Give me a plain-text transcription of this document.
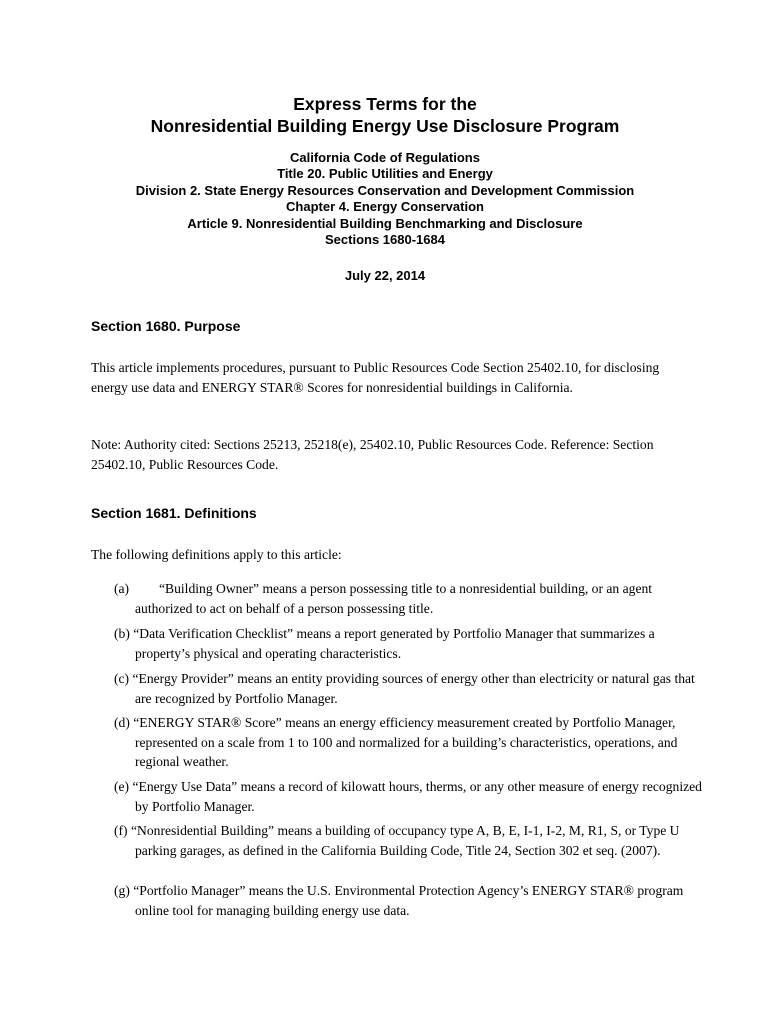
Express Terms for the
Nonresidential Building Energy Use Disclosure Program
California Code of Regulations
Title 20. Public Utilities and Energy
Division 2. State Energy Resources Conservation and Development Commission
Chapter 4. Energy Conservation
Article 9. Nonresidential Building Benchmarking and Disclosure
Sections 1680-1684
July 22, 2014
Section 1680. Purpose
This article implements procedures, pursuant to Public Resources Code Section 25402.10, for disclosing energy use data and ENERGY STAR® Scores for nonresidential buildings in California.
Note: Authority cited: Sections 25213, 25218(e), 25402.10, Public Resources Code. Reference: Section 25402.10, Public Resources Code.
Section 1681. Definitions
The following definitions apply to this article:
(a) “Building Owner” means a person possessing title to a nonresidential building, or an agent authorized to act on behalf of a person possessing title.
(b) “Data Verification Checklist” means a report generated by Portfolio Manager that summarizes a property’s physical and operating characteristics.
(c) “Energy Provider” means an entity providing sources of energy other than electricity or natural gas that are recognized by Portfolio Manager.
(d) “ENERGY STAR® Score” means an energy efficiency measurement created by Portfolio Manager, represented on a scale from 1 to 100 and normalized for a building’s characteristics, operations, and regional weather.
(e) “Energy Use Data” means a record of kilowatt hours, therms, or any other measure of energy recognized by Portfolio Manager.
(f) “Nonresidential Building” means a building of occupancy type A, B, E, I-1, I-2, M, R1, S, or Type U parking garages, as defined in the California Building Code, Title 24, Section 302 et seq. (2007).
(g) “Portfolio Manager” means the U.S. Environmental Protection Agency’s ENERGY STAR® program online tool for managing building energy use data.
